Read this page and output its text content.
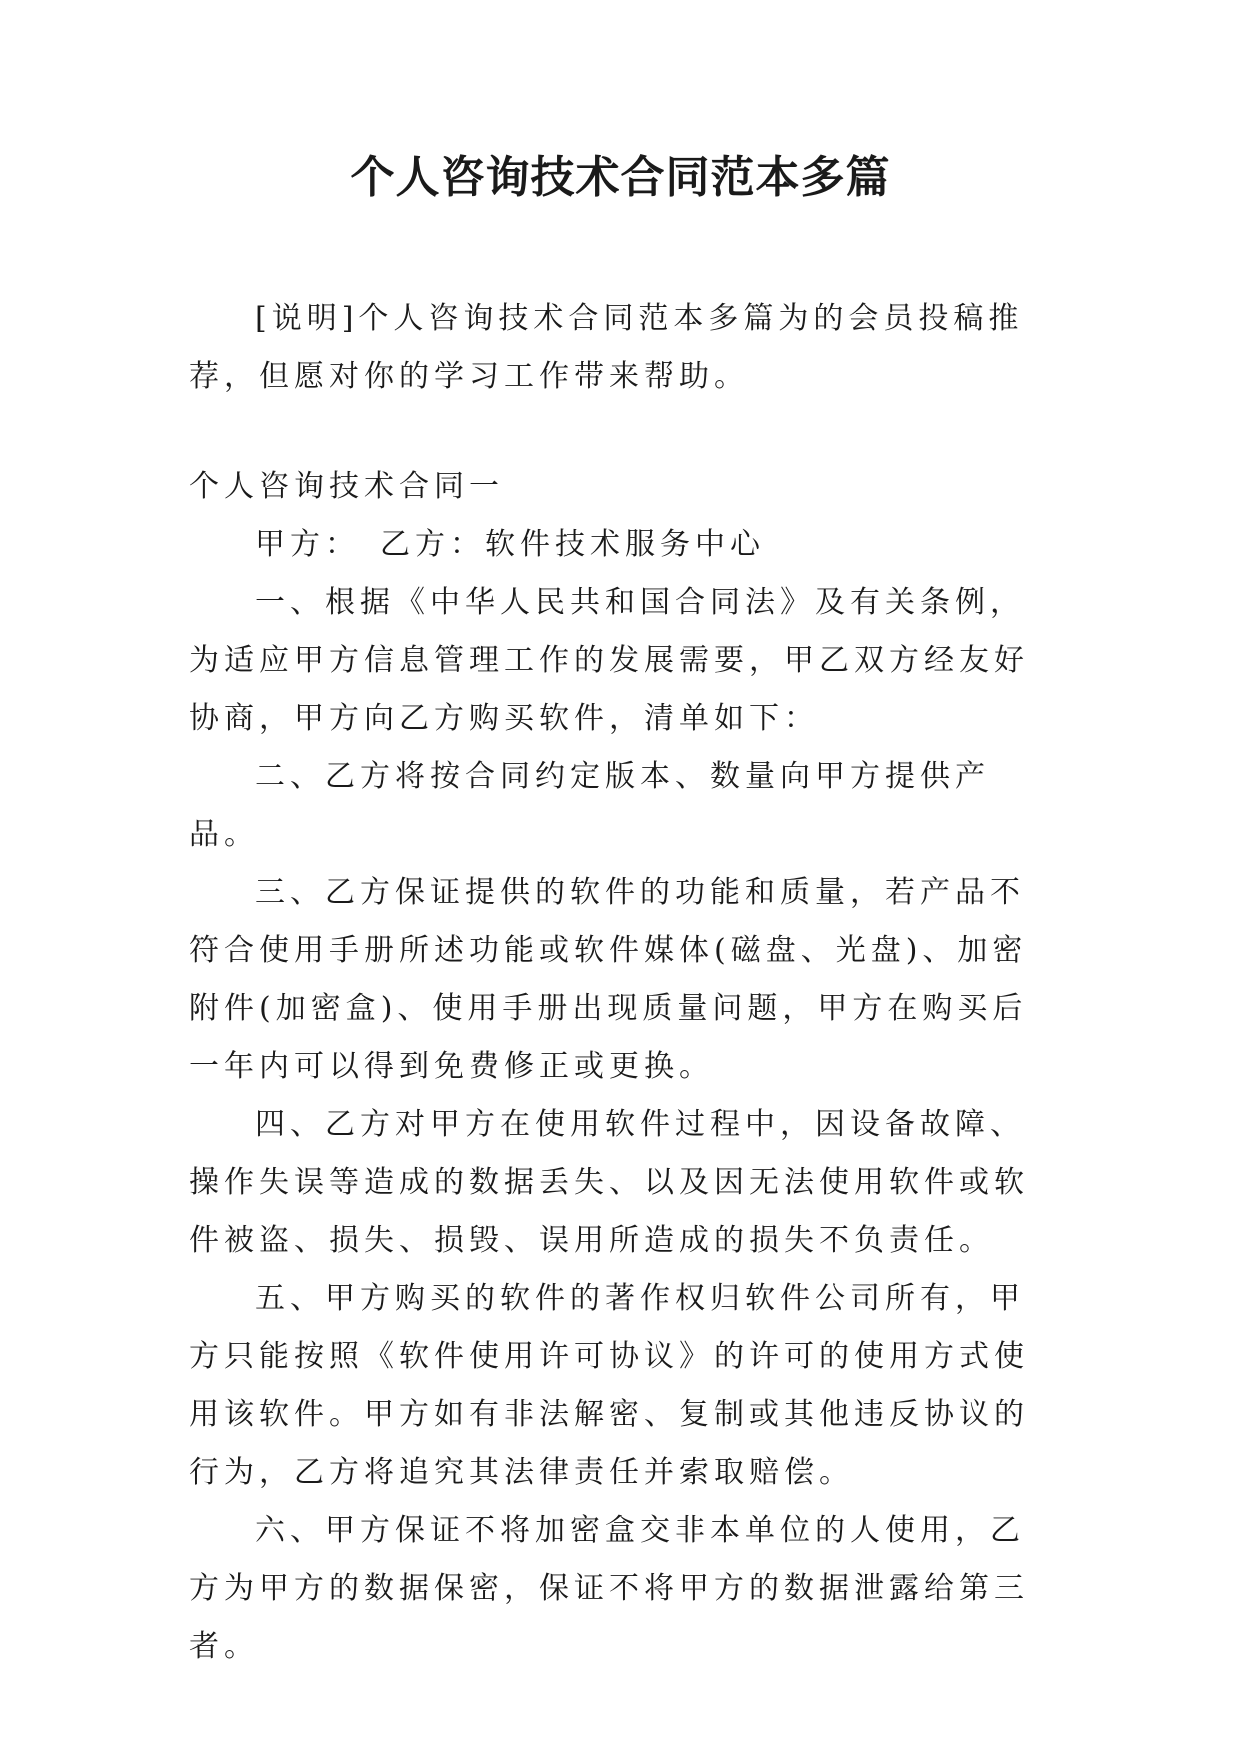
个人咨询技术合同范本多篇

[说明]个人咨询技术合同范本多篇为的会员投稿推荐，但愿对你的学习工作带来帮助。

个人咨询技术合同一

甲方：　乙方：软件技术服务中心

一、根据《中华人民共和国合同法》及有关条例，为适应甲方信息管理工作的发展需要，甲乙双方经友好协商，甲方向乙方购买软件，清单如下：

二、乙方将按合同约定版本、数量向甲方提供产品。

三、乙方保证提供的软件的功能和质量，若产品不符合使用手册所述功能或软件媒体(磁盘、光盘)、加密附件(加密盒)、使用手册出现质量问题，甲方在购买后一年内可以得到免费修正或更换。

四、乙方对甲方在使用软件过程中，因设备故障、操作失误等造成的数据丢失、以及因无法使用软件或软件被盗、损失、损毁、误用所造成的损失不负责任。

五、甲方购买的软件的著作权归软件公司所有，甲方只能按照《软件使用许可协议》的许可的使用方式使用该软件。甲方如有非法解密、复制或其他违反协议的行为，乙方将追究其法律责任并索取赔偿。

六、甲方保证不将加密盒交非本单位的人使用，乙方为甲方的数据保密，保证不将甲方的数据泄露给第三者。
